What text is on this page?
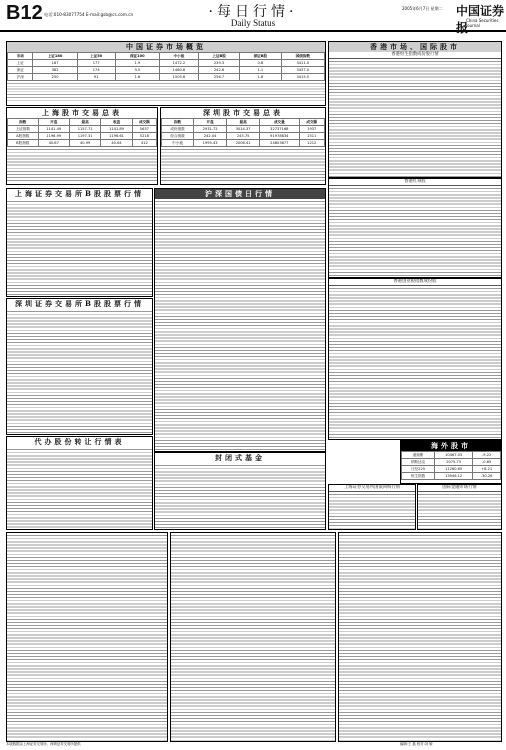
B12 电话:010-83077754 E-mail:gsb@cs.com.cn	·每日行情·
Daily Status
2005年6月7日 星期二 中国证券报
China Securities Journal
中国证券市场概览
市场	上证180	上证50	深证100	中小板	上证B股	深证B股	国债指数
上证	187	177	1.9	1472.2	239.3	0.8	3411.0
深证	382	174	3.5	1480.8	242.6	1.1	3437.0
沪深	250	91	1.6	1505.6	256.7	1.8	3415.5
香港市场、国际股市
香港恒生指数成份股行情
上海股市交易总表
指数	开盘	最高	收盘	成交额
上证指数	1141.49	1157.71	1141.89	5637
A股指数	1196.99	1197.31	1196.61	5218
B股指数	40.67	40.99	40.64	412
深圳股市交易总表
指数	开盘	最高	成交量	成交额
成份指数	2931.72	3014.37	32737168	1937
综合指数	242.04	243.75	91978634	1511
中小板	1995.43	2006.41	24803677	1212
上海证券交易所B股股票行情
深圳证券交易所B股股票行情
代办股份转让行情表
沪深国债日行情
封闭式基金
香港红筹股
香港创业板指数成份股
海外股市
道琼斯	10467.03	-9.22
纳斯达克	2075.73	-0.65
日经225	11260.65	+8.21
恒生指数	13946.12	-30.26
上海证券交易所国债回购行情	国际金融市场行情
本版数据由上海证券交易所、深圳证券交易所提供	编辑:王 磊 校对:刘 敏
